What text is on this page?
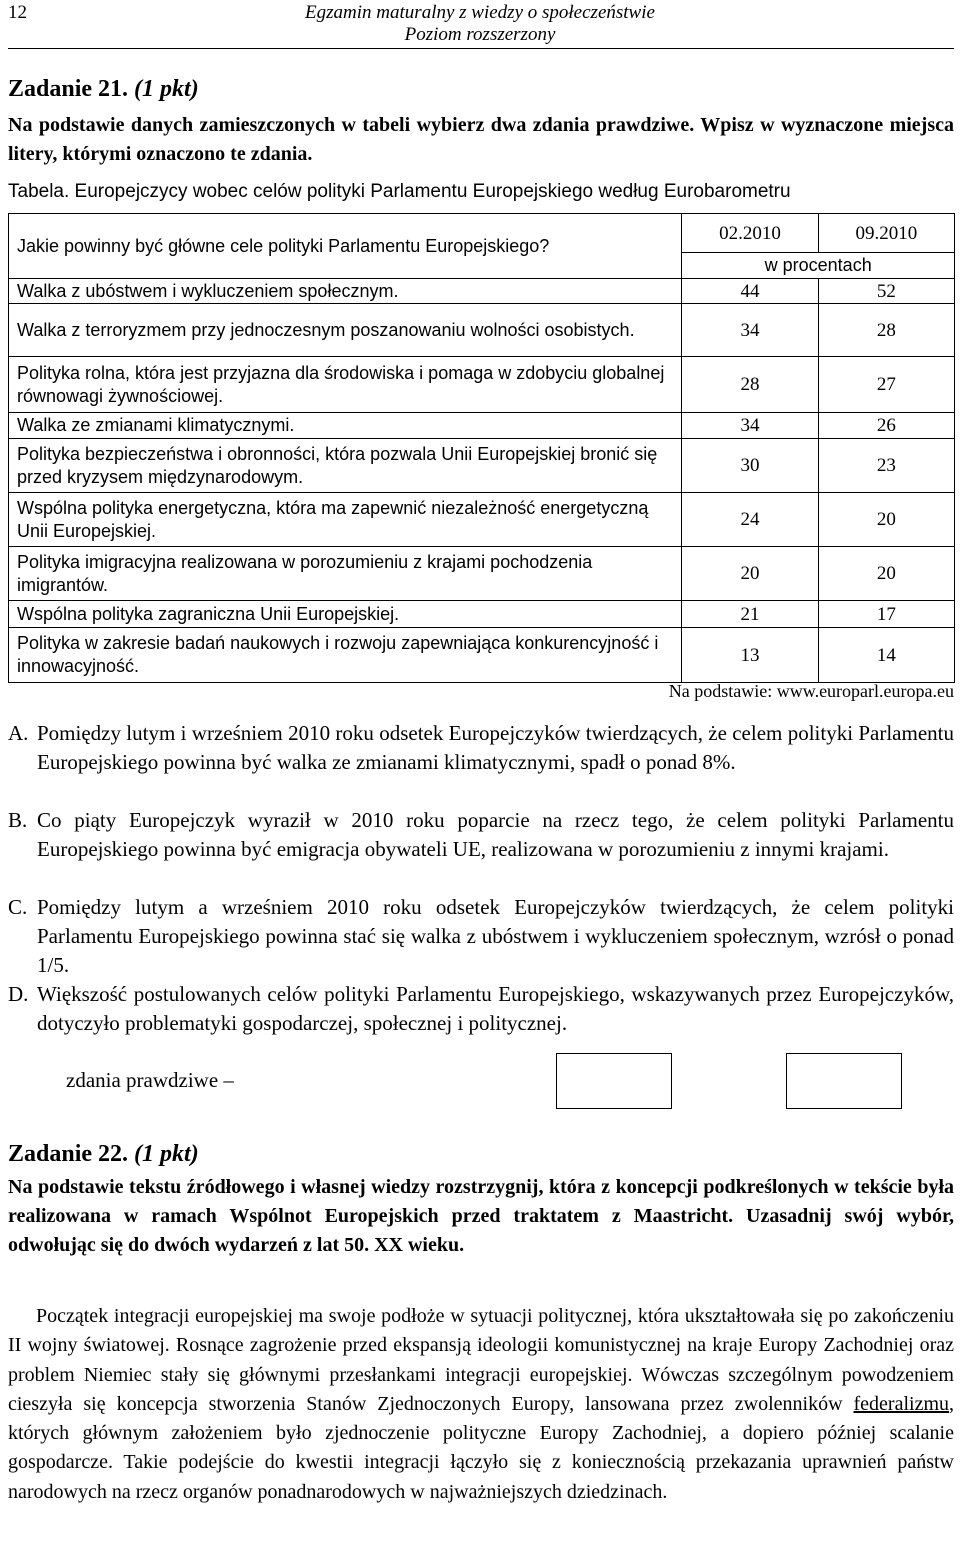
12	Egzamin maturalny z wiedzy o społeczeństwie
Poziom rozszerzony
Zadanie 21. (1 pkt)
Na podstawie danych zamieszczonych w tabeli wybierz dwa zdania prawdziwe. Wpisz w wyznaczone miejsca litery, którymi oznaczono te zdania.
Tabela. Europejczycy wobec celów polityki Parlamentu Europejskiego według Eurobarometru
Jakie powinny być główne cele polityki Parlamentu Europejskiego?	02.2010	09.2010
	w procentach	
Walka z ubóstwem i wykluczeniem społecznym.	44	52
Walka z terroryzmem przy jednoczesnym poszanowaniu wolności osobistych.	34	28
Polityka rolna, która jest przyjazna dla środowiska i pomaga w zdobyciu globalnej równowagi żywnościowej.	28	27
Walka ze zmianami klimatycznymi.	34	26
Polityka bezpieczeństwa i obronności, która pozwala Unii Europejskiej bronić się przed kryzysem międzynarodowym.	30	23
Wspólna polityka energetyczna, która ma zapewnić niezależność energetyczną Unii Europejskiej.	24	20
Polityka imigracyjna realizowana w porozumieniu z krajami pochodzenia imigrantów.	20	20
Wspólna polityka zagraniczna Unii Europejskiej.	21	17
Polityka w zakresie badań naukowych i rozwoju zapewniająca konkurencyjność i innowacyjność.	13	14
Na podstawie: www.europarl.europa.eu
A. Pomiędzy lutym i wrześniem 2010 roku odsetek Europejczyków twierdzących, że celem polityki Parlamentu Europejskiego powinna być walka ze zmianami klimatycznymi, spadł o ponad 8%.
B. Co piąty Europejczyk wyraził w 2010 roku poparcie na rzecz tego, że celem polityki Parlamentu Europejskiego powinna być emigracja obywateli UE, realizowana w porozumieniu z innymi krajami.
C. Pomiędzy lutym a wrześniem 2010 roku odsetek Europejczyków twierdzących, że celem polityki Parlamentu Europejskiego powinna stać się walka z ubóstwem i wykluczeniem społecznym, wzrósł o ponad 1/5.
D. Większość postulowanych celów polityki Parlamentu Europejskiego, wskazywanych przez Europejczyków, dotyczyło problematyki gospodarczej, społecznej i politycznej.
zdania prawdziwe –
Zadanie 22. (1 pkt)
Na podstawie tekstu źródłowego i własnej wiedzy rozstrzygnij, która z koncepcji podkreślonych w tekście była realizowana w ramach Wspólnot Europejskich przed traktatem z Maastricht. Uzasadnij swój wybór, odwołując się do dwóch wydarzeń z lat 50. XX wieku.
Początek integracji europejskiej ma swoje podłoże w sytuacji politycznej, która ukształtowała się po zakończeniu II wojny światowej. Rosnące zagrożenie przed ekspansją ideologii komunistycznej na kraje Europy Zachodniej oraz problem Niemiec stały się głównymi przesłankami integracji europejskiej. Wówczas szczególnym powodzeniem cieszyła się koncepcja stworzenia Stanów Zjednoczonych Europy, lansowana przez zwolenników federalizmu, których głównym założeniem było zjednoczenie polityczne Europy Zachodniej, a dopiero później scalanie gospodarcze. Takie podejście do kwestii integracji łączyło się z koniecznością przekazania uprawnień państw narodowych na rzecz organów ponadnarodowych w najważniejszych dziedzinach.
